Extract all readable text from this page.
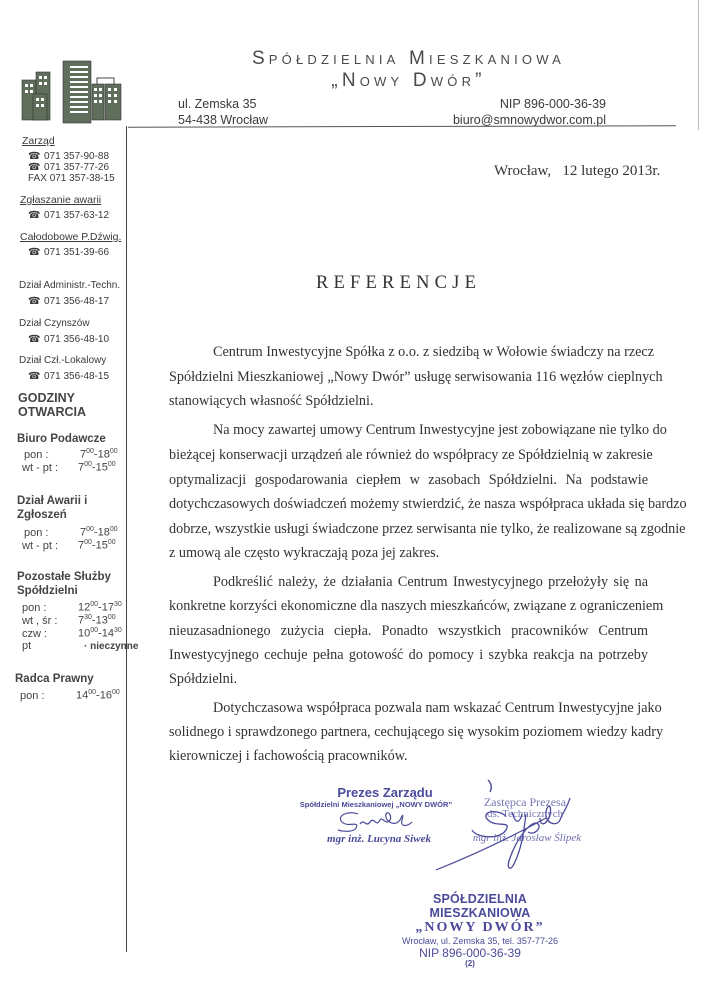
Spółdzielnia Mieszkaniowa
„Nowy Dwór”
ul. Zemska 35
54-438 Wrocław
NIP 896-000-36-39
biuro@smnowydwor.com.pl
Zarząd
☎ 071 357-90-88
☎ 071 357-77-26
FAX 071 357-38-15
Zgłaszanie awarii
☎ 071 357-63-12
Całodobowe P.Dźwig.
☎ 071 351-39-66
Dział Administr.-Techn.
☎ 071 356-48-17
Dział Czynszów
☎ 071 356-48-10
Dział Czł.-Lokalowy
☎ 071 356-48-15
GODZINY
OTWARCIA
Biuro Podawcze
pon :	$7^{00}-18^{00}$
wt - pt : $7^{00}-15^{00}$
Dział Awarii i Zgłoszeń
pon :	$7^{00}-18^{00}$
wt - pt : $7^{00}-15^{00}$
Pozostałe Służby Spółdzielni
pon :	$12^{00}-17^{30}$
wt , śr : $7^{30}-13^{00}$
czw :	$10^{00}-14^{30}$
pt	· nieczynne
Radca Prawny
pon :	$14^{00}-16^{00}$
Wrocław,   12 lutego 2013r.
REFERENCJE
Centrum Inwestycyjne Spółka z o.o. z siedzibą w Wołowie świadczy na rzecz
Spółdzielni Mieszkaniowej „Nowy Dwór” usługę serwisowania 116 węzłów cieplnych
stanowiących własność Spółdzielni.
Na mocy zawartej umowy Centrum Inwestycyjne jest zobowiązane nie tylko do
bieżącej konserwacji urządzeń ale również do współpracy ze Spółdzielnią w zakresie
optymalizacji gospodarowania ciepłem w zasobach Spółdzielni. Na podstawie
dotychczasowych doświadczeń możemy stwierdzić, że nasza współpraca układa się bardzo
dobrze, wszystkie usługi świadczone przez serwisanta nie tylko, że realizowane są zgodnie
z umową ale często wykraczają poza jej zakres.
Podkreślić należy, że działania Centrum Inwestycyjnego przełożyły się na
konkretne korzyści ekonomiczne dla naszych mieszkańców, związane z ograniczeniem
nieuzasadnionego zużycia ciepła. Ponadto wszystkich pracowników Centrum
Inwestycyjnego cechuje pełna gotowość do pomocy i szybka reakcja na potrzeby
Spółdzielni.
Dotychczasowa współpraca pozwala nam wskazać Centrum Inwestycyjne jako
solidnego i sprawdzonego partnera, cechującego się wysokim poziomem wiedzy kadry
kierowniczej i fachowością pracowników.
Prezes Zarządu
Spółdzielni Mieszkaniowej „NOWY DWÓR”
mgr inż. Lucyna Siwek
Zastępca Prezesa
ds. Technicznych
mgr inż. Jarosław Ślipek
SPÓŁDZIELNIA MIESZKANIOWA
„NOWY DWÓR”
Wrocław, ul. Zemska 35, tel. 357-77-26
NIP 896-000-36-39
(2)
